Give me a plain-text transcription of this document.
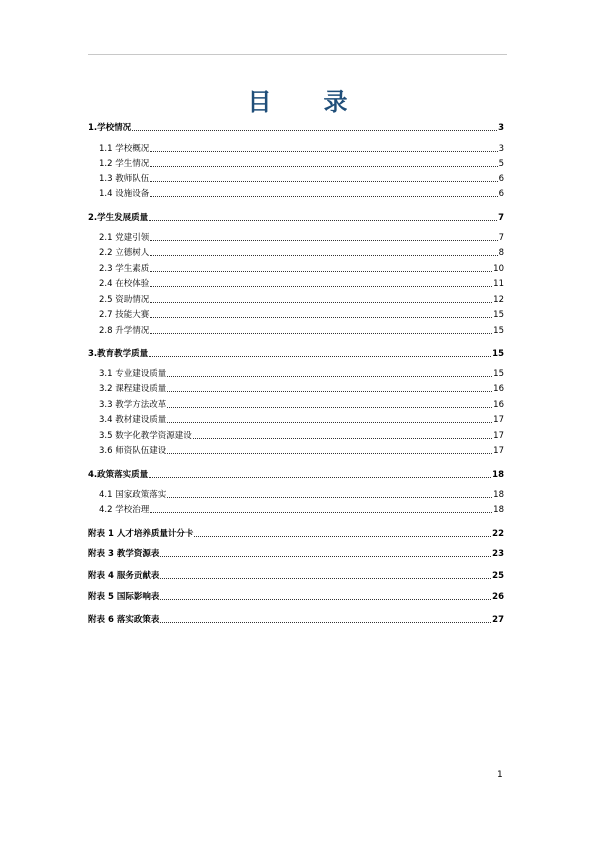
目 录
1.学校情况	3
1.1 学校概况	3
1.2 学生情况	5
1.3 教师队伍	6
1.4 设施设备	6
2.学生发展质量	7
2.1 党建引领	7
2.2 立德树人	8
2.3 学生素质	10
2.4 在校体验	11
2.5 资助情况	12
2.7 技能大赛	15
2.8 升学情况	15
3.教育教学质量	15
3.1 专业建设质量	15
3.2 课程建设质量	16
3.3 教学方法改革	16
3.4 教材建设质量	17
3.5 数字化教学资源建设	17
3.6 师资队伍建设	17
4.政策落实质量	18
4.1 国家政策落实	18
4.2 学校治理	18
附表 1 人才培养质量计分卡	22
附表 3 教学资源表	23
附表 4 服务贡献表	25
附表 5 国际影响表	26
附表 6 落实政策表	27
1
